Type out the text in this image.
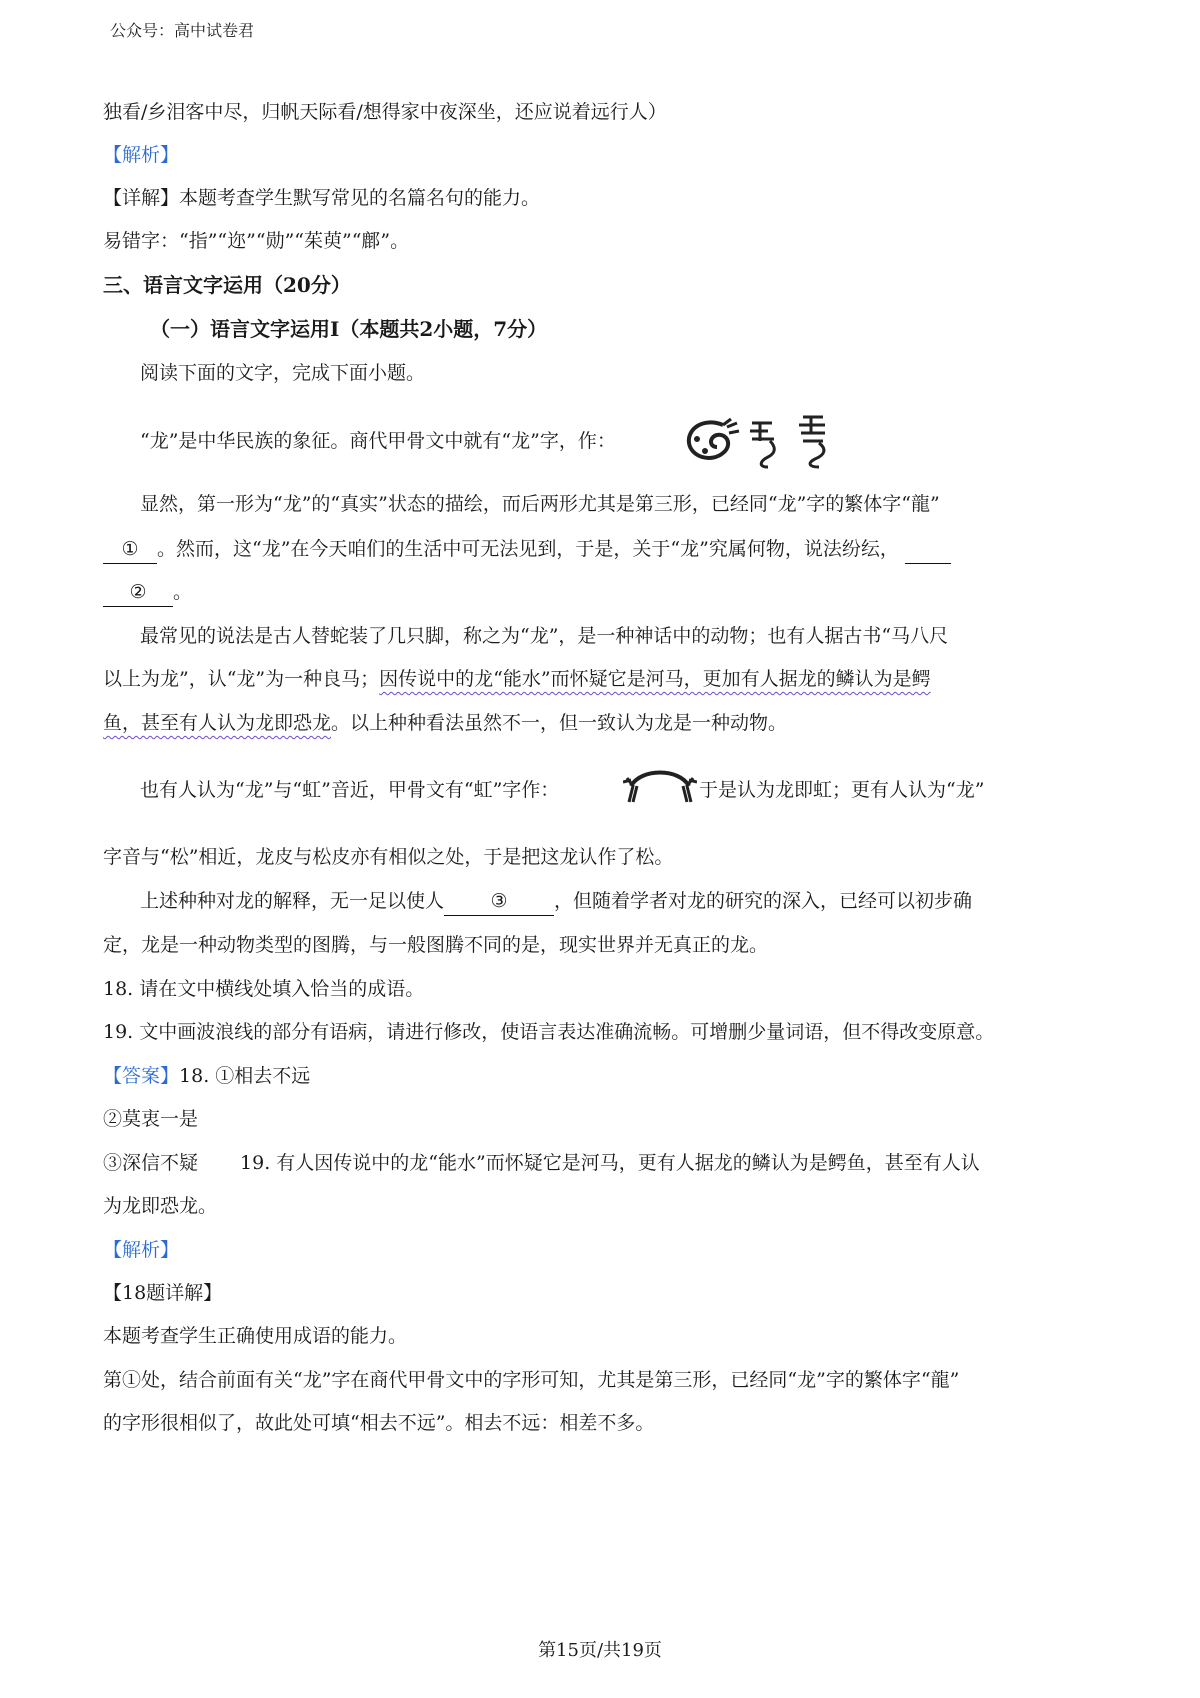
公众号：高中试卷君
独看/乡泪客中尽，归帆天际看/想得家中夜深坐，还应说着远行人）
【解析】
【详解】本题考查学生默写常见的名篇名句的能力。
易错字：“指”“迩”“勋”“茱萸”“鄜”。
三、语言文字运用（20分）
（一）语言文字运用Ⅰ（本题共2小题，7分）
阅读下面的文字，完成下面小题。
“龙”是中华民族的象征。商代甲骨文中就有“龙”字，作：
显然，第一形为“龙”的“真实”状态的描绘，而后两形尤其是第三形，已经同“龙”字的繁体字“龍”
① 。然而，这“龙”在今天咱们的生活中可无法见到，于是，关于“龙”究属何物，说法纷纭，
② 。
最常见的说法是古人替蛇装了几只脚，称之为“龙”，是一种神话中的动物；也有人据古书“马八尺
以上为龙”，认“龙”为一种良马；因传说中的龙“能水”而怀疑它是河马，更加有人据龙的鳞认为是鳄
鱼，甚至有人认为龙即恐龙。以上种种看法虽然不一，但一致认为龙是一种动物。
也有人认为“龙”与“虹”音近，甲骨文有“虹”字作：	于是认为龙即虹；更有人认为“龙”
字音与“松”相近，龙皮与松皮亦有相似之处，于是把这龙认作了松。
上述种种对龙的解释，无一足以使人 ③ ，但随着学者对龙的研究的深入，已经可以初步确
定，龙是一种动物类型的图腾，与一般图腾不同的是，现实世界并无真正的龙。
18. 请在文中横线处填入恰当的成语。
19. 文中画波浪线的部分有语病，请进行修改，使语言表达准确流畅。可增删少量词语，但不得改变原意。
【答案】18. ①相去不远
②莫衷一是
③深信不疑 19. 有人因传说中的龙“能水”而怀疑它是河马，更有人据龙的鳞认为是鳄鱼，甚至有人认
为龙即恐龙。
【解析】
【18题详解】
本题考查学生正确使用成语的能力。
第①处，结合前面有关“龙”字在商代甲骨文中的字形可知，尤其是第三形，已经同“龙”字的繁体字“龍”
的字形很相似了，故此处可填“相去不远”。相去不远：相差不多。
第15页/共19页
